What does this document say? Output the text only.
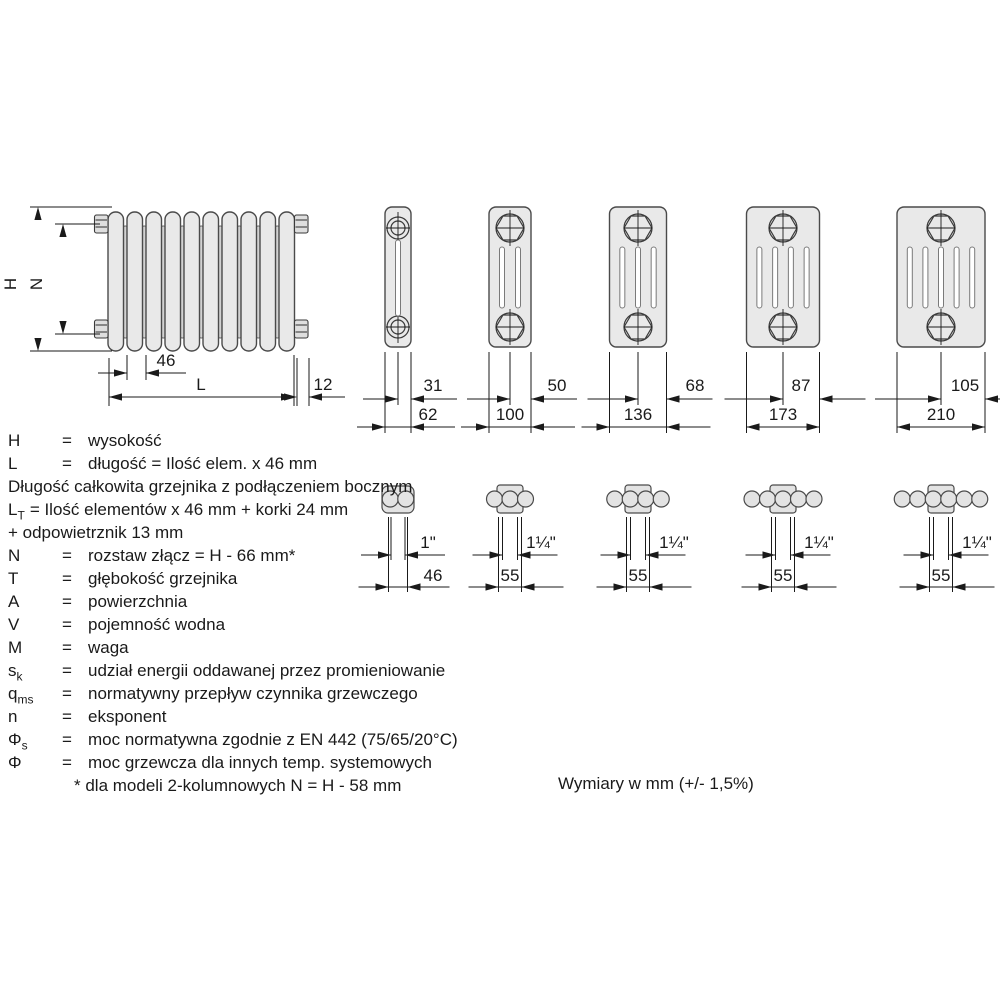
H N
46
L	12	31
62
1"
46
50
100
1¼"
55
68
136
1¼"
55
87
173
1¼"
55
105
210
1¼"
55
H	= wysokość
L	= długość = Ilość elem. x 46 mm
Długość całkowita grzejnika z podłączeniem bocznym
$L_T$ = Ilość elementów x 46 mm + korki 24 mm
+ odpowietrznik 13 mm
N	= rozstaw złącz = H - 66 mm*
T	= głębokość grzejnika
A	= powierzchnia
V	= pojemność wodna
M	= waga
$s_k$	= udział energii oddawanej przez promieniowanie
$q_{ms}$	= normatywny przepływ czynnika grzewczego
n	= eksponent
$\Phi_s$	= moc normatywna zgodnie z EN 442 (75/65/20°C)
Φ	= moc grzewcza dla innych temp. systemowych
* dla modeli 2-kolumnowych N = H - 58 mm	Wymiary w mm (+/- 1,5%)
